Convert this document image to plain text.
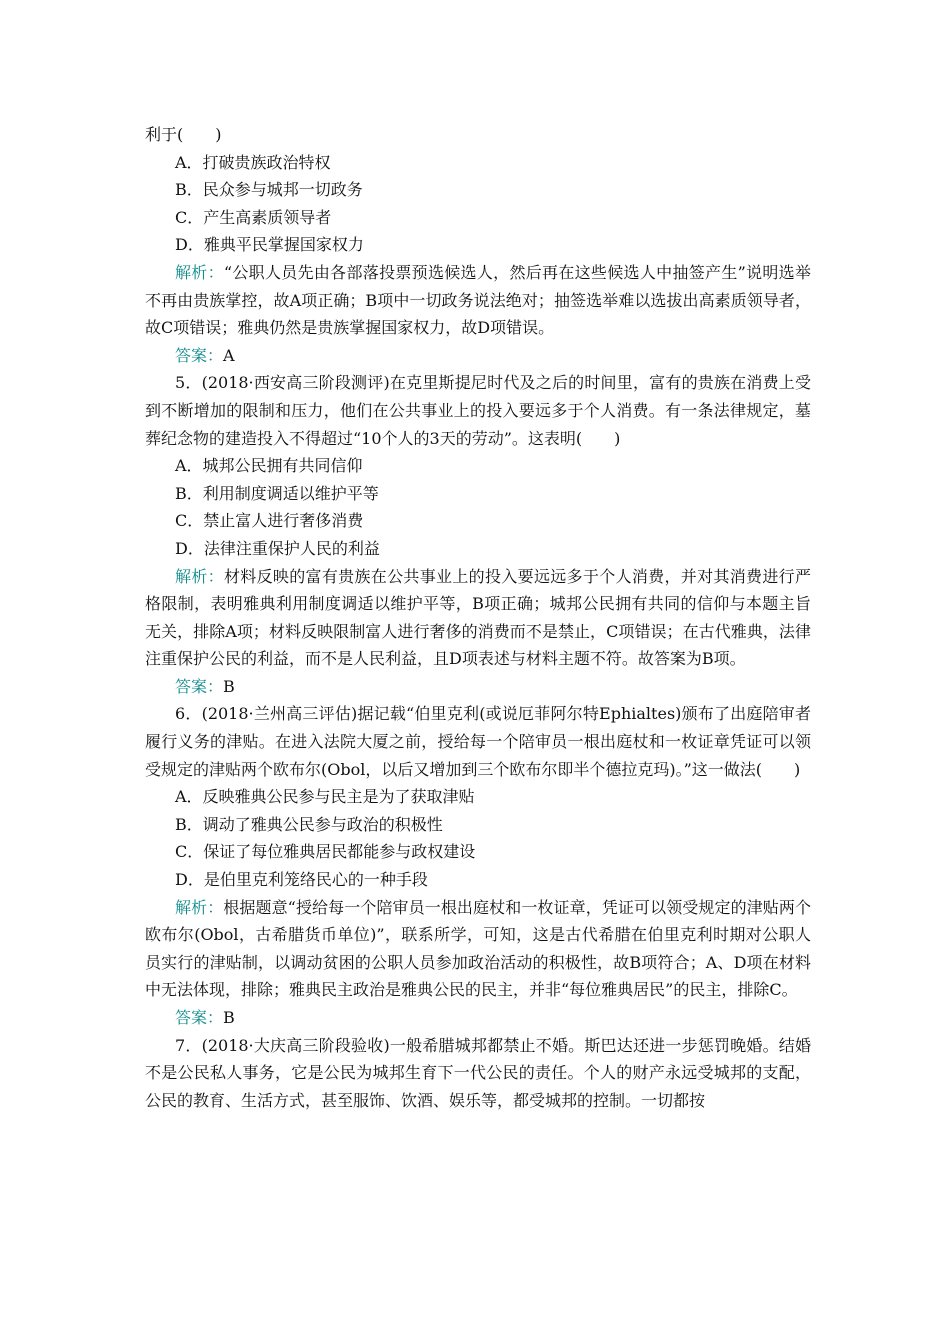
利于(　　)

A．打破贵族政治特权

B．民众参与城邦一切政务

C．产生高素质领导者

D．雅典平民掌握国家权力

解析：“公职人员先由各部落投票预选候选人，然后再在这些候选人中抽签产生”说明选举不再由贵族掌控，故A项正确；B项中一切政务说法绝对；抽签选举难以选拔出高素质领导者，故C项错误；雅典仍然是贵族掌握国家权力，故D项错误。

答案：A

5．(2018·西安高三阶段测评)在克里斯提尼时代及之后的时间里，富有的贵族在消费上受到不断增加的限制和压力，他们在公共事业上的投入要远多于个人消费。有一条法律规定，墓葬纪念物的建造投入不得超过“10个人的3天的劳动”。这表明(　　)

A．城邦公民拥有共同信仰

B．利用制度调适以维护平等

C．禁止富人进行奢侈消费

D．法律注重保护人民的利益

解析：材料反映的富有贵族在公共事业上的投入要远远多于个人消费，并对其消费进行严格限制，表明雅典利用制度调适以维护平等，B项正确；城邦公民拥有共同的信仰与本题主旨无关，排除A项；材料反映限制富人进行奢侈的消费而不是禁止，C项错误；在古代雅典，法律注重保护公民的利益，而不是人民利益，且D项表述与材料主题不符。故答案为B项。

答案：B

6．(2018·兰州高三评估)据记载“伯里克利(或说厄菲阿尔特Ephialtes)颁布了出庭陪审者履行义务的津贴。在进入法院大厦之前，授给每一个陪审员一根出庭杖和一枚证章凭证可以领受规定的津贴两个欧布尔(Obol，以后又增加到三个欧布尔即半个德拉克玛)。”这一做法(　　)

A．反映雅典公民参与民主是为了获取津贴

B．调动了雅典公民参与政治的积极性

C．保证了每位雅典居民都能参与政权建设

D．是伯里克利笼络民心的一种手段

解析：根据题意“授给每一个陪审员一根出庭杖和一枚证章，凭证可以领受规定的津贴两个欧布尔(Obol，古希腊货币单位)”，联系所学，可知，这是古代希腊在伯里克利时期对公职人员实行的津贴制，以调动贫困的公职人员参加政治活动的积极性，故B项符合；A、D项在材料中无法体现，排除；雅典民主政治是雅典公民的民主，并非“每位雅典居民”的民主，排除C。

答案：B

7．(2018·大庆高三阶段验收)一般希腊城邦都禁止不婚。斯巴达还进一步惩罚晚婚。结婚不是公民私人事务，它是公民为城邦生育下一代公民的责任。个人的财产永远受城邦的支配，公民的教育、生活方式，甚至服饰、饮酒、娱乐等，都受城邦的控制。一切都按
